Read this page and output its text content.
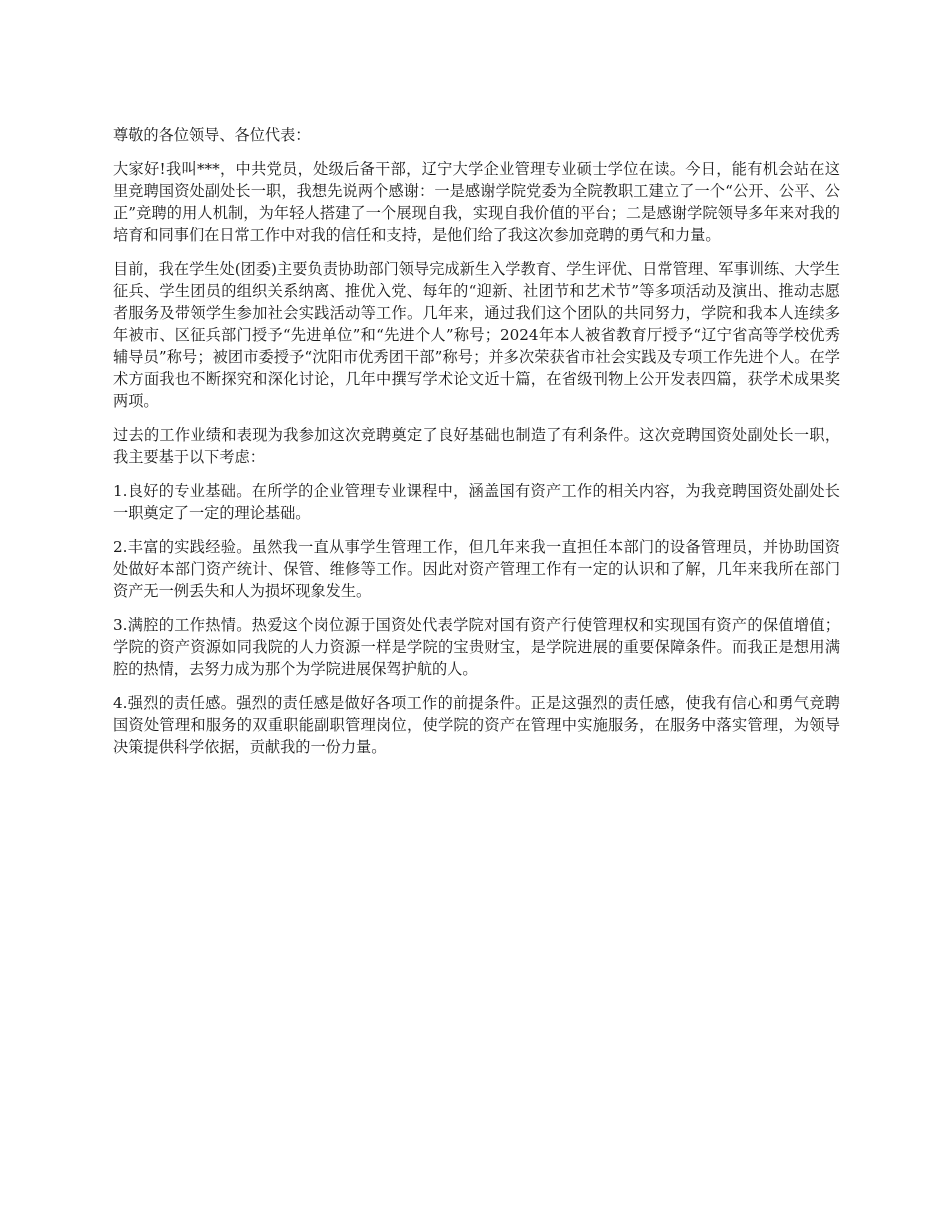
尊敬的各位领导、各位代表：

大家好!我叫***，中共党员，处级后备干部，辽宁大学企业管理专业硕士学位在读。今日，能有机会站在这里竞聘国资处副处长一职，我想先说两个感谢：一是感谢学院党委为全院教职工建立了一个“公开、公平、公正”竞聘的用人机制，为年轻人搭建了一个展现自我，实现自我价值的平台；二是感谢学院领导多年来对我的培育和同事们在日常工作中对我的信任和支持，是他们给了我这次参加竞聘的勇气和力量。

目前，我在学生处(团委)主要负责协助部门领导完成新生入学教育、学生评优、日常管理、军事训练、大学生征兵、学生团员的组织关系纳离、推优入党、每年的“迎新、社团节和艺术节”等多项活动及演出、推动志愿者服务及带领学生参加社会实践活动等工作。几年来，通过我们这个团队的共同努力，学院和我本人连续多年被市、区征兵部门授予“先进单位”和“先进个人”称号；2024年本人被省教育厅授予“辽宁省高等学校优秀辅导员”称号；被团市委授予“沈阳市优秀团干部”称号；并多次荣获省市社会实践及专项工作先进个人。在学术方面我也不断探究和深化讨论，几年中撰写学术论文近十篇，在省级刊物上公开发表四篇，获学术成果奖两项。

过去的工作业绩和表现为我参加这次竞聘奠定了良好基础也制造了有利条件。这次竞聘国资处副处长一职，我主要基于以下考虑：

1.良好的专业基础。在所学的企业管理专业课程中，涵盖国有资产工作的相关内容，为我竞聘国资处副处长一职奠定了一定的理论基础。

2.丰富的实践经验。虽然我一直从事学生管理工作，但几年来我一直担任本部门的设备管理员，并协助国资处做好本部门资产统计、保管、维修等工作。因此对资产管理工作有一定的认识和了解，几年来我所在部门资产无一例丢失和人为损坏现象发生。

3.满腔的工作热情。热爱这个岗位源于国资处代表学院对国有资产行使管理权和实现国有资产的保值增值；学院的资产资源如同我院的人力资源一样是学院的宝贵财宝，是学院进展的重要保障条件。而我正是想用满腔的热情，去努力成为那个为学院进展保驾护航的人。

4.强烈的责任感。强烈的责任感是做好各项工作的前提条件。正是这强烈的责任感，使我有信心和勇气竞聘国资处管理和服务的双重职能副职管理岗位，使学院的资产在管理中实施服务，在服务中落实管理，为领导决策提供科学依据，贡献我的一份力量。
